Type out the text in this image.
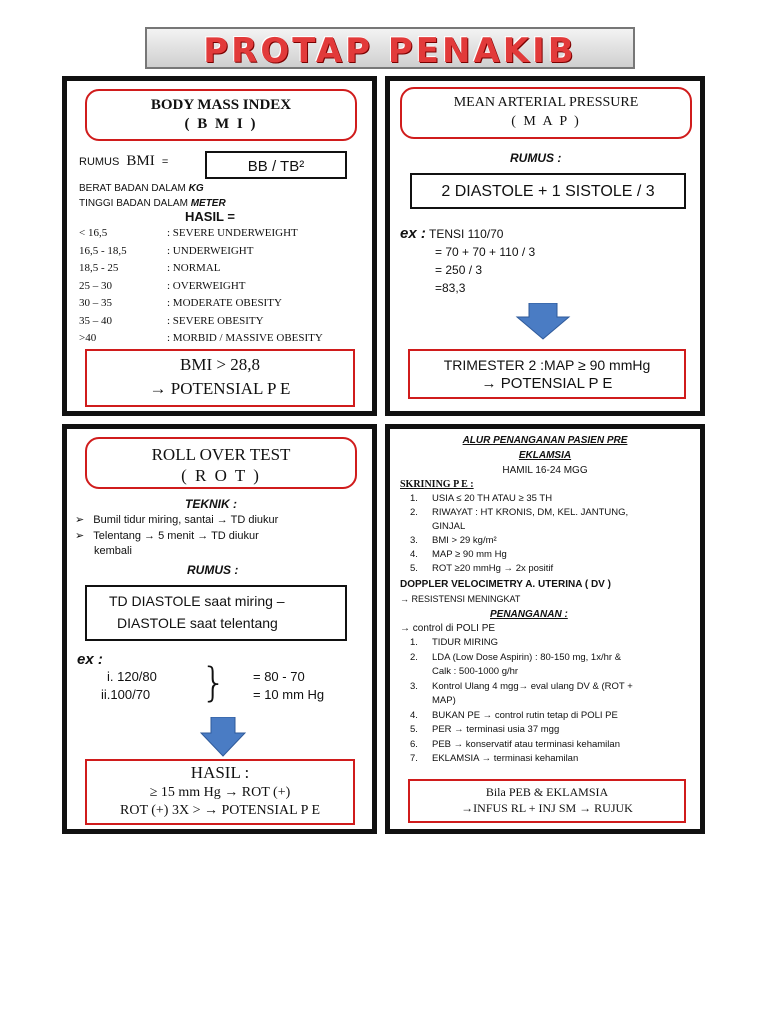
PROTAP PENAKIB
BODY MASS INDEX
( B M I )
RUMUS BMI =	BB / TB²
BERAT BADAN DALAM KG
TINGGI BADAN DALAM METER
HASIL =
< 16,5	: SEVERE UNDERWEIGHT
16,5 - 18,5	: UNDERWEIGHT
18,5 - 25	: NORMAL
25 – 30	: OVERWEIGHT
30 – 35	: MODERATE OBESITY
35 – 40	: SEVERE OBESITY
>40	: MORBID / MASSIVE OBESITY
BMI > 28,8
→ POTENSIAL P E
MEAN ARTERIAL PRESSURE
( M A P )
RUMUS :
2 DIASTOLE + 1 SISTOLE / 3
ex : TENSI 110/70
= 70 + 70 + 110 / 3
= 250 / 3
=83,3
TRIMESTER 2 :MAP ≥ 90 mmHg
→ POTENSIAL P E
ROLL OVER TEST
( R O T )
TEKNIK :
➢ Bumil tidur miring, santai → TD diukur
➢ Telentang → 5 menit → TD diukur
kembali
RUMUS :
TD DIASTOLE saat miring –
DIASTOLE saat telentang
ex :
i. 120/80
ii.100/70 } = 80 - 70
= 10 mm Hg
HASIL :
≥ 15 mm Hg → ROT (+)
ROT (+) 3X > → POTENSIAL P E
ALUR PENANGANAN PASIEN PRE
EKLAMSIA
HAMIL 16-24 MGG
SKRINING P E :
1. USIA ≤ 20 TH ATAU ≥ 35 TH
2. RIWAYAT : HT KRONIS, DM, KEL. JANTUNG,
GINJAL
3. BMI > 29 kg/m²
4. MAP ≥ 90 mm Hg
5. ROT ≥20 mmHg → 2x positif
DOPPLER VELOCIMETRY A. UTERINA ( DV )
→ RESISTENSI MENINGKAT
PENANGANAN :
→ control di POLI PE
1. TIDUR MIRING
2. LDA (Low Dose Aspirin) : 80-150 mg, 1x/hr &
Calk : 500-1000 g/hr
3. Kontrol Ulang 4 mgg→ eval ulang DV & (ROT +
MAP)
4. BUKAN PE → control rutin tetap di POLI PE
5. PER → terminasi usia 37 mgg
6. PEB → konservatif atau terminasi kehamilan
7. EKLAMSIA → terminasi kehamilan
Bila PEB & EKLAMSIA
→INFUS RL + INJ SM → RUJUK
